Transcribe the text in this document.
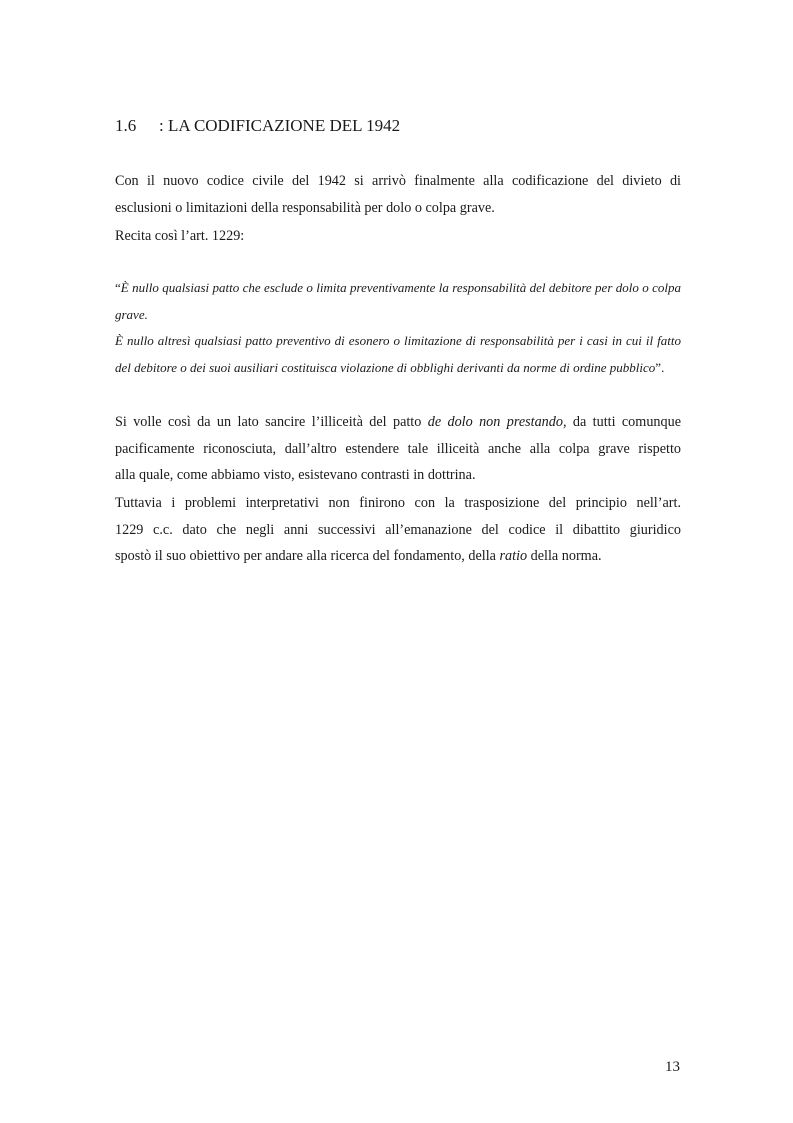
1.6 : LA CODIFICAZIONE DEL 1942
Con il nuovo codice civile del 1942 si arrivò finalmente alla codificazione del divieto di
esclusioni o limitazioni della responsabilità per dolo o colpa grave.
Recita così l’art. 1229:
“È nullo qualsiasi patto che esclude o limita preventivamente la responsabilità del debitore per dolo o colpa
grave.
È nullo altresì qualsiasi patto preventivo di esonero o limitazione di responsabilità per i casi in cui il fatto
del debitore o dei suoi ausiliari costituisca violazione di obblighi derivanti da norme di ordine pubblico”.
Si volle così da un lato sancire l’illiceità del patto de dolo non prestando, da tutti comunque
pacificamente riconosciuta, dall’altro estendere tale illiceità anche alla colpa grave rispetto
alla quale, come abbiamo visto, esistevano contrasti in dottrina.
Tuttavia i problemi interpretativi non finirono con la trasposizione del principio nell’art.
1229 c.c. dato che negli anni successivi all’emanazione del codice il dibattito giuridico
spostò il suo obiettivo per andare alla ricerca del fondamento, della ratio della norma.
13
